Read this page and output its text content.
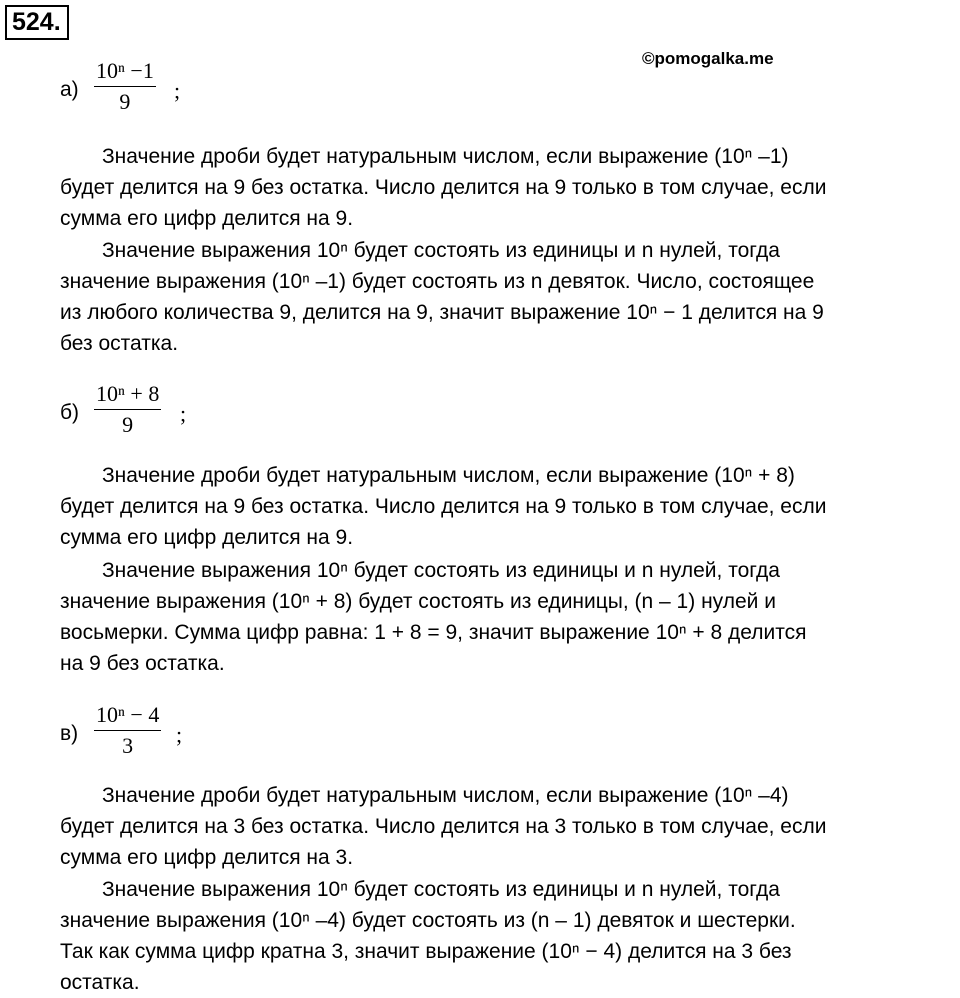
524.
©pomogalka.me
$а) \frac{\text{10ⁿ −1}}{9}$ ;
Значение дроби будет натуральным числом, если выражение (10ⁿ –1)
будет делится на 9 без остатка. Число делится на 9 только в том случае, если
сумма его цифр делится на 9.
Значение выражения 10ⁿ будет состоять из единицы и n нулей, тогда
значение выражения (10ⁿ –1) будет состоять из n девяток. Число, состоящее
из любого количества 9, делится на 9, значит выражение 10ⁿ − 1 делится на 9
без остатка.
$б) \frac{\text{10ⁿ + 8}}{9}$ ;
Значение дроби будет натуральным числом, если выражение (10ⁿ + 8)
будет делится на 9 без остатка. Число делится на 9 только в том случае, если
сумма его цифр делится на 9.
Значение выражения 10ⁿ будет состоять из единицы и n нулей, тогда
значение выражения (10ⁿ + 8) будет состоять из единицы, (n – 1) нулей и
восьмерки. Сумма цифр равна: 1 + 8 = 9, значит выражение 10ⁿ + 8 делится
на 9 без остатка.
$в) \frac{\text{10ⁿ − 4}}{3}$ ;
Значение дроби будет натуральным числом, если выражение (10ⁿ –4)
будет делится на 3 без остатка. Число делится на 3 только в том случае, если
сумма его цифр делится на 3.
Значение выражения 10ⁿ будет состоять из единицы и n нулей, тогда
значение выражения (10ⁿ –4) будет состоять из (n – 1) девяток и шестерки.
Так как сумма цифр кратна 3, значит выражение (10ⁿ − 4) делится на 3 без
остатка.
